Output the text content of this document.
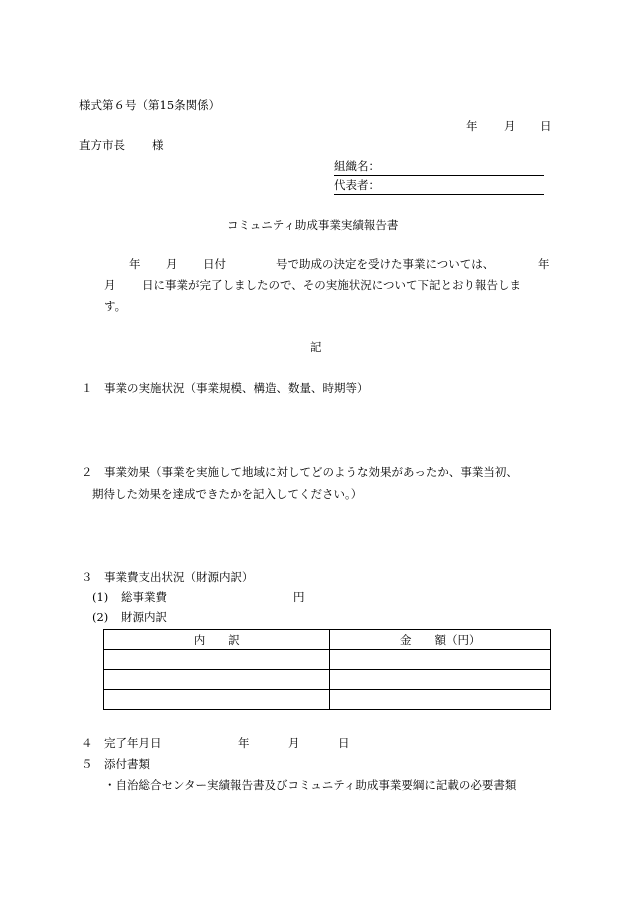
様式第６号（第15条関係）
年 月 日
直方市長 様
組織名：
代表者：
コミュニティ助成事業実績報告書
年 月 日付	号で助成の決定を受けた事業については、	年
月 日に事業が完了しましたので、その実施状況について下記とおり報告しま
す。
記
１ 事業の実施状況（事業規模、構造、数量、時期等）
２ 事業効果（事業を実施して地域に対してどのような効果があったか、事業当初、
期待した効果を達成できたかを記入してください。）
３ 事業費支出状況（財源内訳）
(1) 総事業費	円
(2) 財源内訳
内　　訳	金　　額（円）

４ 完了年月日	年	月	日
５ 添付書類
・自治総合センター実績報告書及びコミュニティ助成事業要綱に記載の必要書類
